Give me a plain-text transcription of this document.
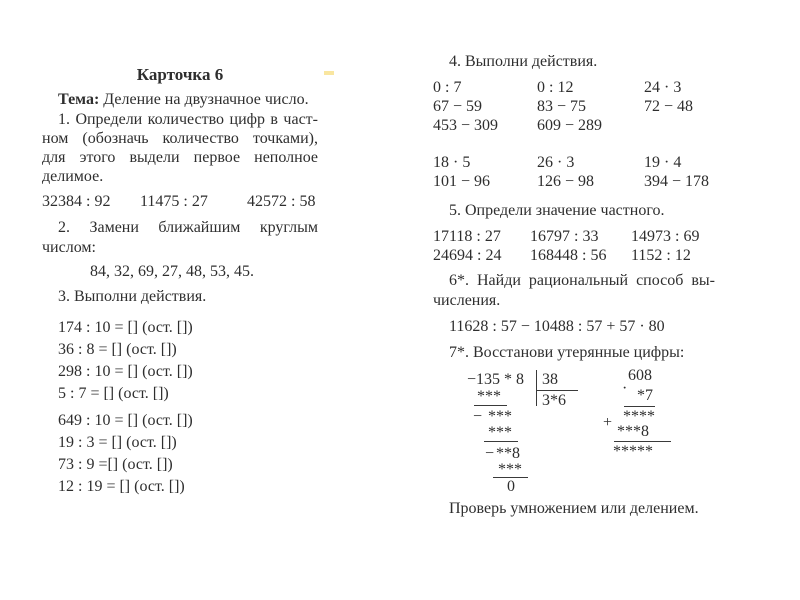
Карточка 6
Тема: Деление на двузначное число.
1. Определи количество цифр в част-
ном (обозначь количество точками),
для этого выдели первое неполное
делимое.
32384 : 92	11475 : 27	42572 : 58
2. Замени ближайшим круглым
числом:
84, 32, 69, 27, 48, 53, 45.
3. Выполни действия.
174 : 10 = [] (ост. [])
36 : 8 = [] (ост. [])
298 : 10 = [] (ост. [])
5 : 7 = [] (ост. [])
649 : 10 = [] (ост. [])
19 : 3 = [] (ост. [])
73 : 9 =[] (ост. [])
12 : 19 = [] (ост. [])
4. Выполни действия.
0 : 7	0 : 12	24 · 3
67 − 59	83 − 75	72 − 48
453 − 309	609 − 289
18 · 5	26 · 3	19 · 4
101 − 96	126 − 98	394 − 178
5. Определи значение частного.
17118 : 27	16797 : 33	14973 : 69
24694 : 24	168448 : 56	1152 : 12
6*. Найди рациональный способ вы-
числения.
11628 : 57 − 10488 : 57 + 57 · 80
7*. Восстанови утерянные цифры:
− 135 * 8 38
3*6
***
− ***
***
− **8
***
0
608
· *7
****
+
***8
*****
Проверь умножением или делением.
